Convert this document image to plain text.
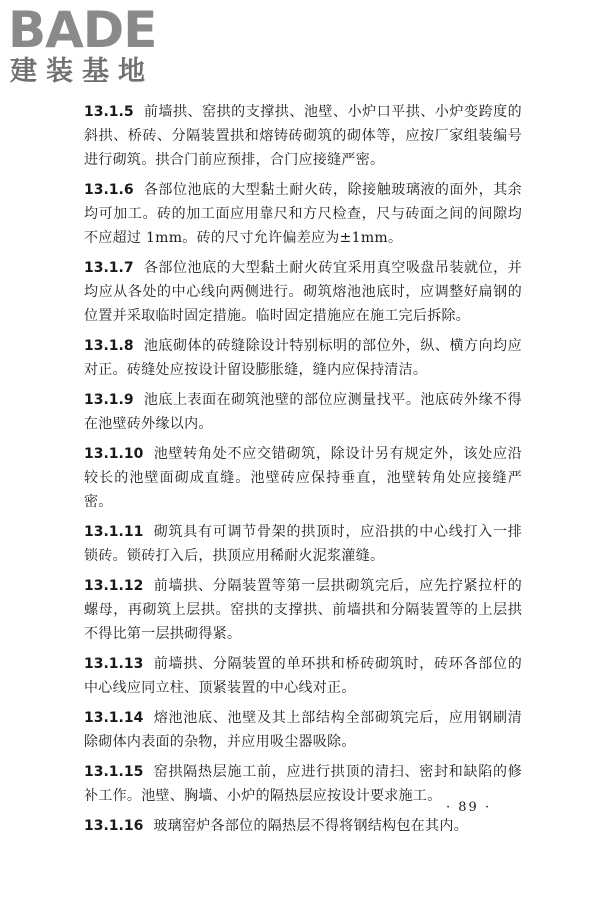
BADE
建装基地

13.1.5 前墙拱、窑拱的支撑拱、池壁、小炉口平拱、小炉变跨度的斜拱、桥砖、分隔装置拱和熔铸砖砌筑的砌体等，应按厂家组装编号进行砌筑。拱合门前应预排，合门应接缝严密。

13.1.6 各部位池底的大型黏土耐火砖，除接触玻璃液的面外，其余均可加工。砖的加工面应用靠尺和方尺检查，尺与砖面之间的间隙均不应超过 1mm。砖的尺寸允许偏差应为±1mm。

13.1.7 各部位池底的大型黏土耐火砖宜采用真空吸盘吊装就位，并均应从各处的中心线向两侧进行。砌筑熔池池底时，应调整好扁钢的位置并采取临时固定措施。临时固定措施应在施工完后拆除。

13.1.8 池底砌体的砖缝除设计特别标明的部位外，纵、横方向均应对正。砖缝处应按设计留设膨胀缝，缝内应保持清洁。

13.1.9 池底上表面在砌筑池壁的部位应测量找平。池底砖外缘不得在池壁砖外缘以内。

13.1.10 池壁转角处不应交错砌筑，除设计另有规定外，该处应沿较长的池壁面砌成直缝。池壁砖应保持垂直，池壁转角处应接缝严密。

13.1.11 砌筑具有可调节骨架的拱顶时，应沿拱的中心线打入一排锁砖。锁砖打入后，拱顶应用稀耐火泥浆灌缝。

13.1.12 前墙拱、分隔装置等第一层拱砌筑完后，应先拧紧拉杆的螺母，再砌筑上层拱。窑拱的支撑拱、前墙拱和分隔装置等的上层拱不得比第一层拱砌得紧。

13.1.13 前墙拱、分隔装置的单环拱和桥砖砌筑时，砖环各部位的中心线应同立柱、顶紧装置的中心线对正。

13.1.14 熔池池底、池壁及其上部结构全部砌筑完后，应用钢刷清除砌体内表面的杂物，并应用吸尘器吸除。

13.1.15 窑拱隔热层施工前，应进行拱顶的清扫、密封和缺陷的修补工作。池壁、胸墙、小炉的隔热层应按设计要求施工。

13.1.16 玻璃窑炉各部位的隔热层不得将钢结构包在其内。

· 89 ·
